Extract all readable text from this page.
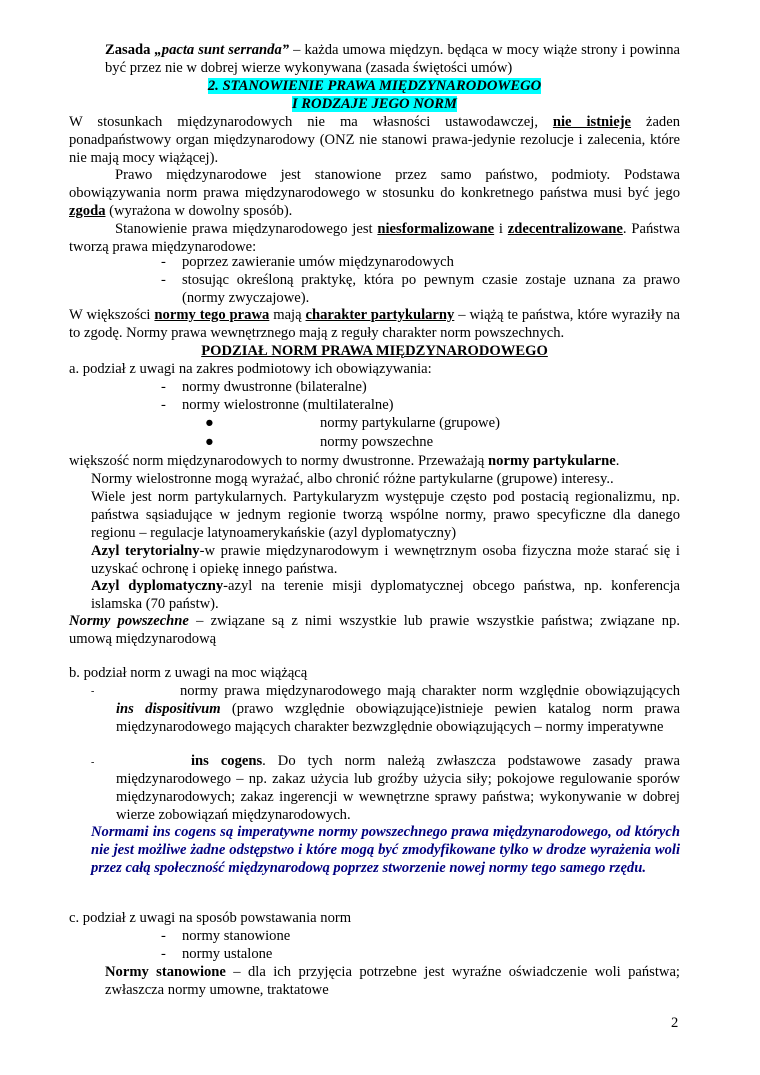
Zasada „pacta sunt serranda” – każda umowa międzyn. będąca w mocy wiąże strony i powinna być przez nie w dobrej wierze wykonywana (zasada świętości umów)

2. STANOWIENIE PRAWA MIĘDZYNARODOWEGO
I RODZAJE JEGO NORM

W stosunkach międzynarodowych nie ma własności ustawodawczej, nie istnieje żaden ponadpaństwowy organ międzynarodowy (ONZ nie stanowi prawa-jedynie rezolucje i zalecenia, które nie mają mocy wiążącej).

Prawo międzynarodowe jest stanowione przez samo państwo, podmioty. Podstawa obowiązywania norm prawa międzynarodowego w stosunku do konkretnego państwa musi być jego zgoda (wyrażona w dowolny sposób).

Stanowienie prawa międzynarodowego jest niesformalizowane i zdecentralizowane. Państwa tworzą prawa międzynarodowe:

- poprzez zawieranie umów międzynarodowych

- stosując określoną praktykę, która po pewnym czasie zostaje uznana za prawo (normy zwyczajowe).

W większości normy tego prawa mają charakter partykularny – wiążą te państwa, które wyraziły na to zgodę. Normy prawa wewnętrznego mają z reguły charakter norm powszechnych.

PODZIAŁ NORM PRAWA MIĘDZYNARODOWEGO

a. podział z uwagi na zakres podmiotowy ich obowiązywania:

- normy dwustronne (bilateralne)

- normy wielostronne (multilateralne)

●	normy partykularne (grupowe)

●	normy powszechne

większość norm międzynarodowych to normy dwustronne. Przeważają normy partykularne.

Normy wielostronne mogą wyrażać, albo chronić różne partykularne (grupowe) interesy..

Wiele jest norm partykularnych. Partykularyzm występuje często pod postacią regionalizmu, np. państwa sąsiadujące w jednym regionie tworzą wspólne normy, prawo specyficzne dla danego regionu – regulacje latynoamerykańskie (azyl dyplomatyczny)

Azyl terytorialny-w prawie międzynarodowym i wewnętrznym osoba fizyczna może starać się i uzyskać ochronę i opiekę innego państwa.

Azyl dyplomatyczny-azyl na terenie misji dyplomatycznej obcego państwa, np. konferencja islamska (70 państw).

Normy powszechne – związane są z nimi wszystkie lub prawie wszystkie państwa; związane np. umową międzynarodową

b. podział norm z uwagi na moc wiążącą

-	normy prawa międzynarodowego mają charakter norm względnie obowiązujących ins dispositivum (prawo względnie obowiązujące)istnieje pewien katalog norm prawa międzynarodowego mających charakter bezwzględnie obowiązujących – normy imperatywne

-	ins cogens. Do tych norm należą zwłaszcza podstawowe zasady prawa międzynarodowego – np. zakaz użycia lub groźby użycia siły; pokojowe regulowanie sporów międzynarodowych; zakaz ingerencji w wewnętrzne sprawy państwa; wykonywanie w dobrej wierze zobowiązań międzynarodowych.

Normami ins cogens są imperatywne normy powszechnego prawa międzynarodowego, od których nie jest możliwe żadne odstępstwo i które mogą być zmodyfikowane tylko w drodze wyrażenia woli przez całą społeczność międzynarodową poprzez stworzenie nowej normy tego samego rzędu.

c. podział z uwagi na sposób powstawania norm

- normy stanowione

- normy ustalone

Normy stanowione – dla ich przyjęcia potrzebne jest wyraźne oświadczenie woli państwa; zwłaszcza normy umowne, traktatowe

2
